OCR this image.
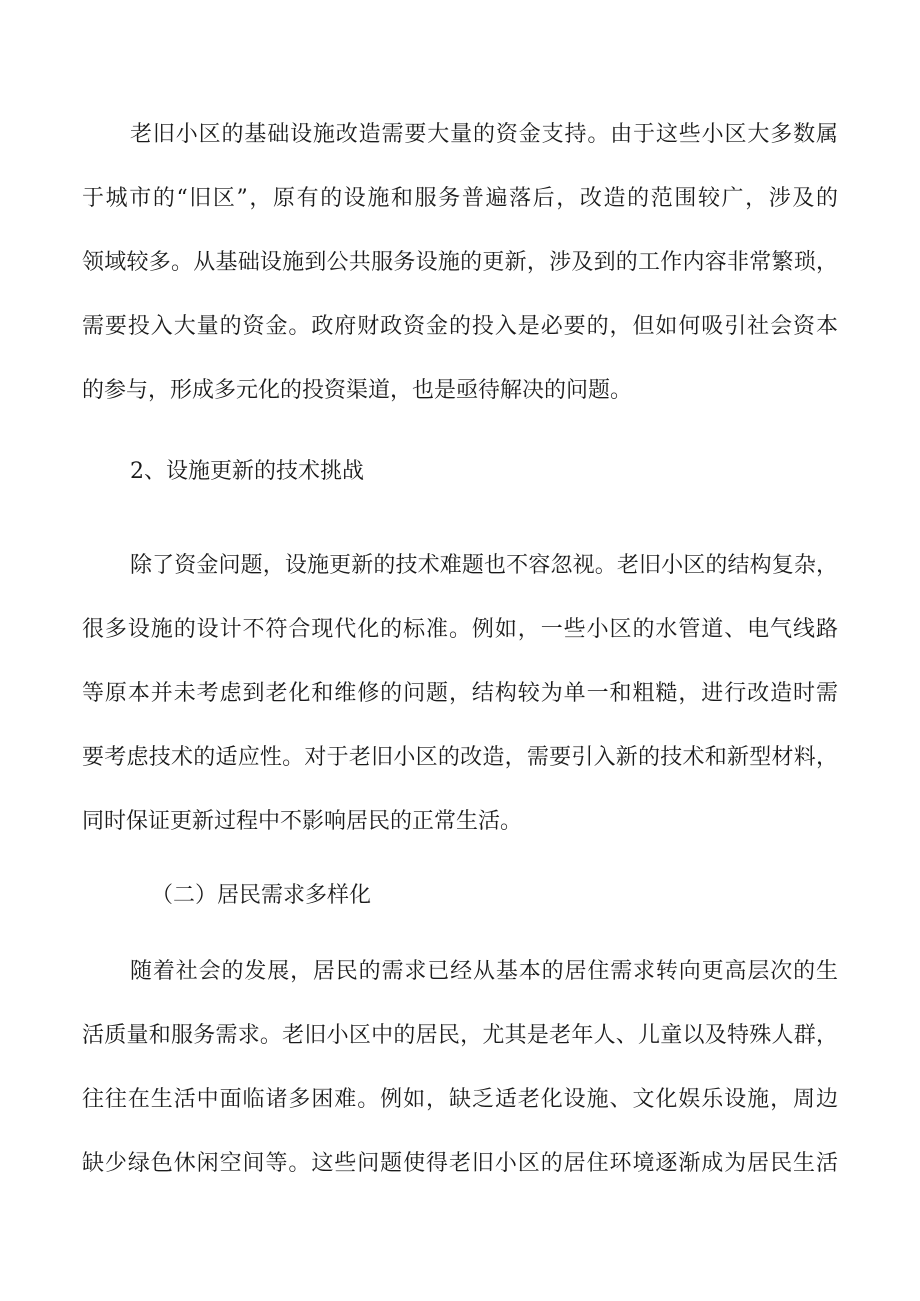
老旧小区的基础设施改造需要大量的资金支持。由于这些小区大多数属
于城市的“旧区”，原有的设施和服务普遍落后，改造的范围较广，涉及的
领域较多。从基础设施到公共服务设施的更新，涉及到的工作内容非常繁琐，
需要投入大量的资金。政府财政资金的投入是必要的，但如何吸引社会资本
的参与，形成多元化的投资渠道，也是亟待解决的问题。
2、设施更新的技术挑战
除了资金问题，设施更新的技术难题也不容忽视。老旧小区的结构复杂，
很多设施的设计不符合现代化的标准。例如，一些小区的水管道、电气线路
等原本并未考虑到老化和维修的问题，结构较为单一和粗糙，进行改造时需
要考虑技术的适应性。对于老旧小区的改造，需要引入新的技术和新型材料，
同时保证更新过程中不影响居民的正常生活。
（二）居民需求多样化
随着社会的发展，居民的需求已经从基本的居住需求转向更高层次的生
活质量和服务需求。老旧小区中的居民，尤其是老年人、儿童以及特殊人群，
往往在生活中面临诸多困难。例如，缺乏适老化设施、文化娱乐设施，周边
缺少绿色休闲空间等。这些问题使得老旧小区的居住环境逐渐成为居民生活
